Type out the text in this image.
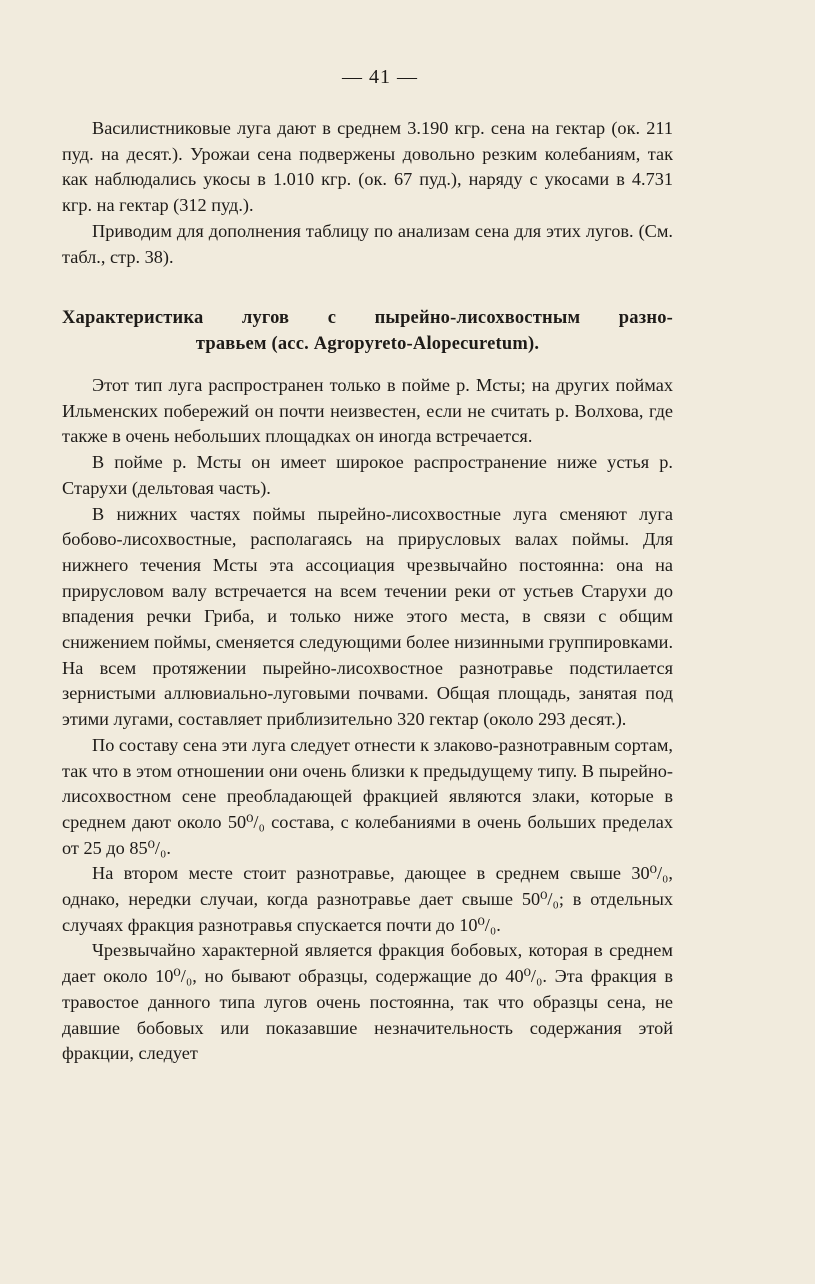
— 41 —

Василистниковые луга дают в среднем 3.190 кгр. сена на гектар (ок. 211 пуд. на десят.). Урожаи сена подвержены довольно резким колебаниям, так как наблюдались укосы в 1.010 кгр. (ок. 67 пуд.), наряду с укосами в 4.731 кгр. на гектар (312 пуд.).

Приводим для дополнения таблицу по анализам сена для этих лугов. (См. табл., стр. 38).

Характеристика лугов с пырейно-лисохвостным разно-
травьем (асс. Agropyreto-Alopecuretum).

Этот тип луга распространен только в пойме р. Мсты; на других поймах Ильменских побережий он почти неизвестен, если не считать р. Волхова, где также в очень небольших площадках он иногда встречается.

В пойме р. Мсты он имеет широкое распространение ниже устья р. Старухи (дельтовая часть).

В нижних частях поймы пырейно-лисохвостные луга сменяют луга бобово-лисохвостные, располагаясь на прирусловых валах поймы. Для нижнего течения Мсты эта ассоциация чрезвычайно постоянна: она на прирусловом валу встречается на всем течении реки от устьев Старухи до впадения речки Гриба, и только ниже этого места, в связи с общим снижением поймы, сменяется следующими более низинными группировками. На всем протяжении пырейно-лисохвостное разнотравье подстилается зернистыми аллювиально-луговыми почвами. Общая площадь, занятая под этими лугами, составляет приблизительно 320 гектар (около 293 десят.).

По составу сена эти луга следует отнести к злаково-разнотравным сортам, так что в этом отношении они очень близки к предыдущему типу. В пырейно-лисохвостном сене преобладающей фракцией являются злаки, которые в среднем дают около 50⁰/₀ состава, с колебаниями в очень больших пределах от 25 до 85⁰/₀.

На втором месте стоит разнотравье, дающее в среднем свыше 30⁰/₀, однако, нередки случаи, когда разнотравье дает свыше 50⁰/₀; в отдельных случаях фракция разнотравья спускается почти до 10⁰/₀.

Чрезвычайно характерной является фракция бобовых, которая в среднем дает около 10⁰/₀, но бывают образцы, содержащие до 40⁰/₀. Эта фракция в травостое данного типа лугов очень постоянна, так что образцы сена, не давшие бобовых или показавшие незначительность содержания этой фракции, следует
